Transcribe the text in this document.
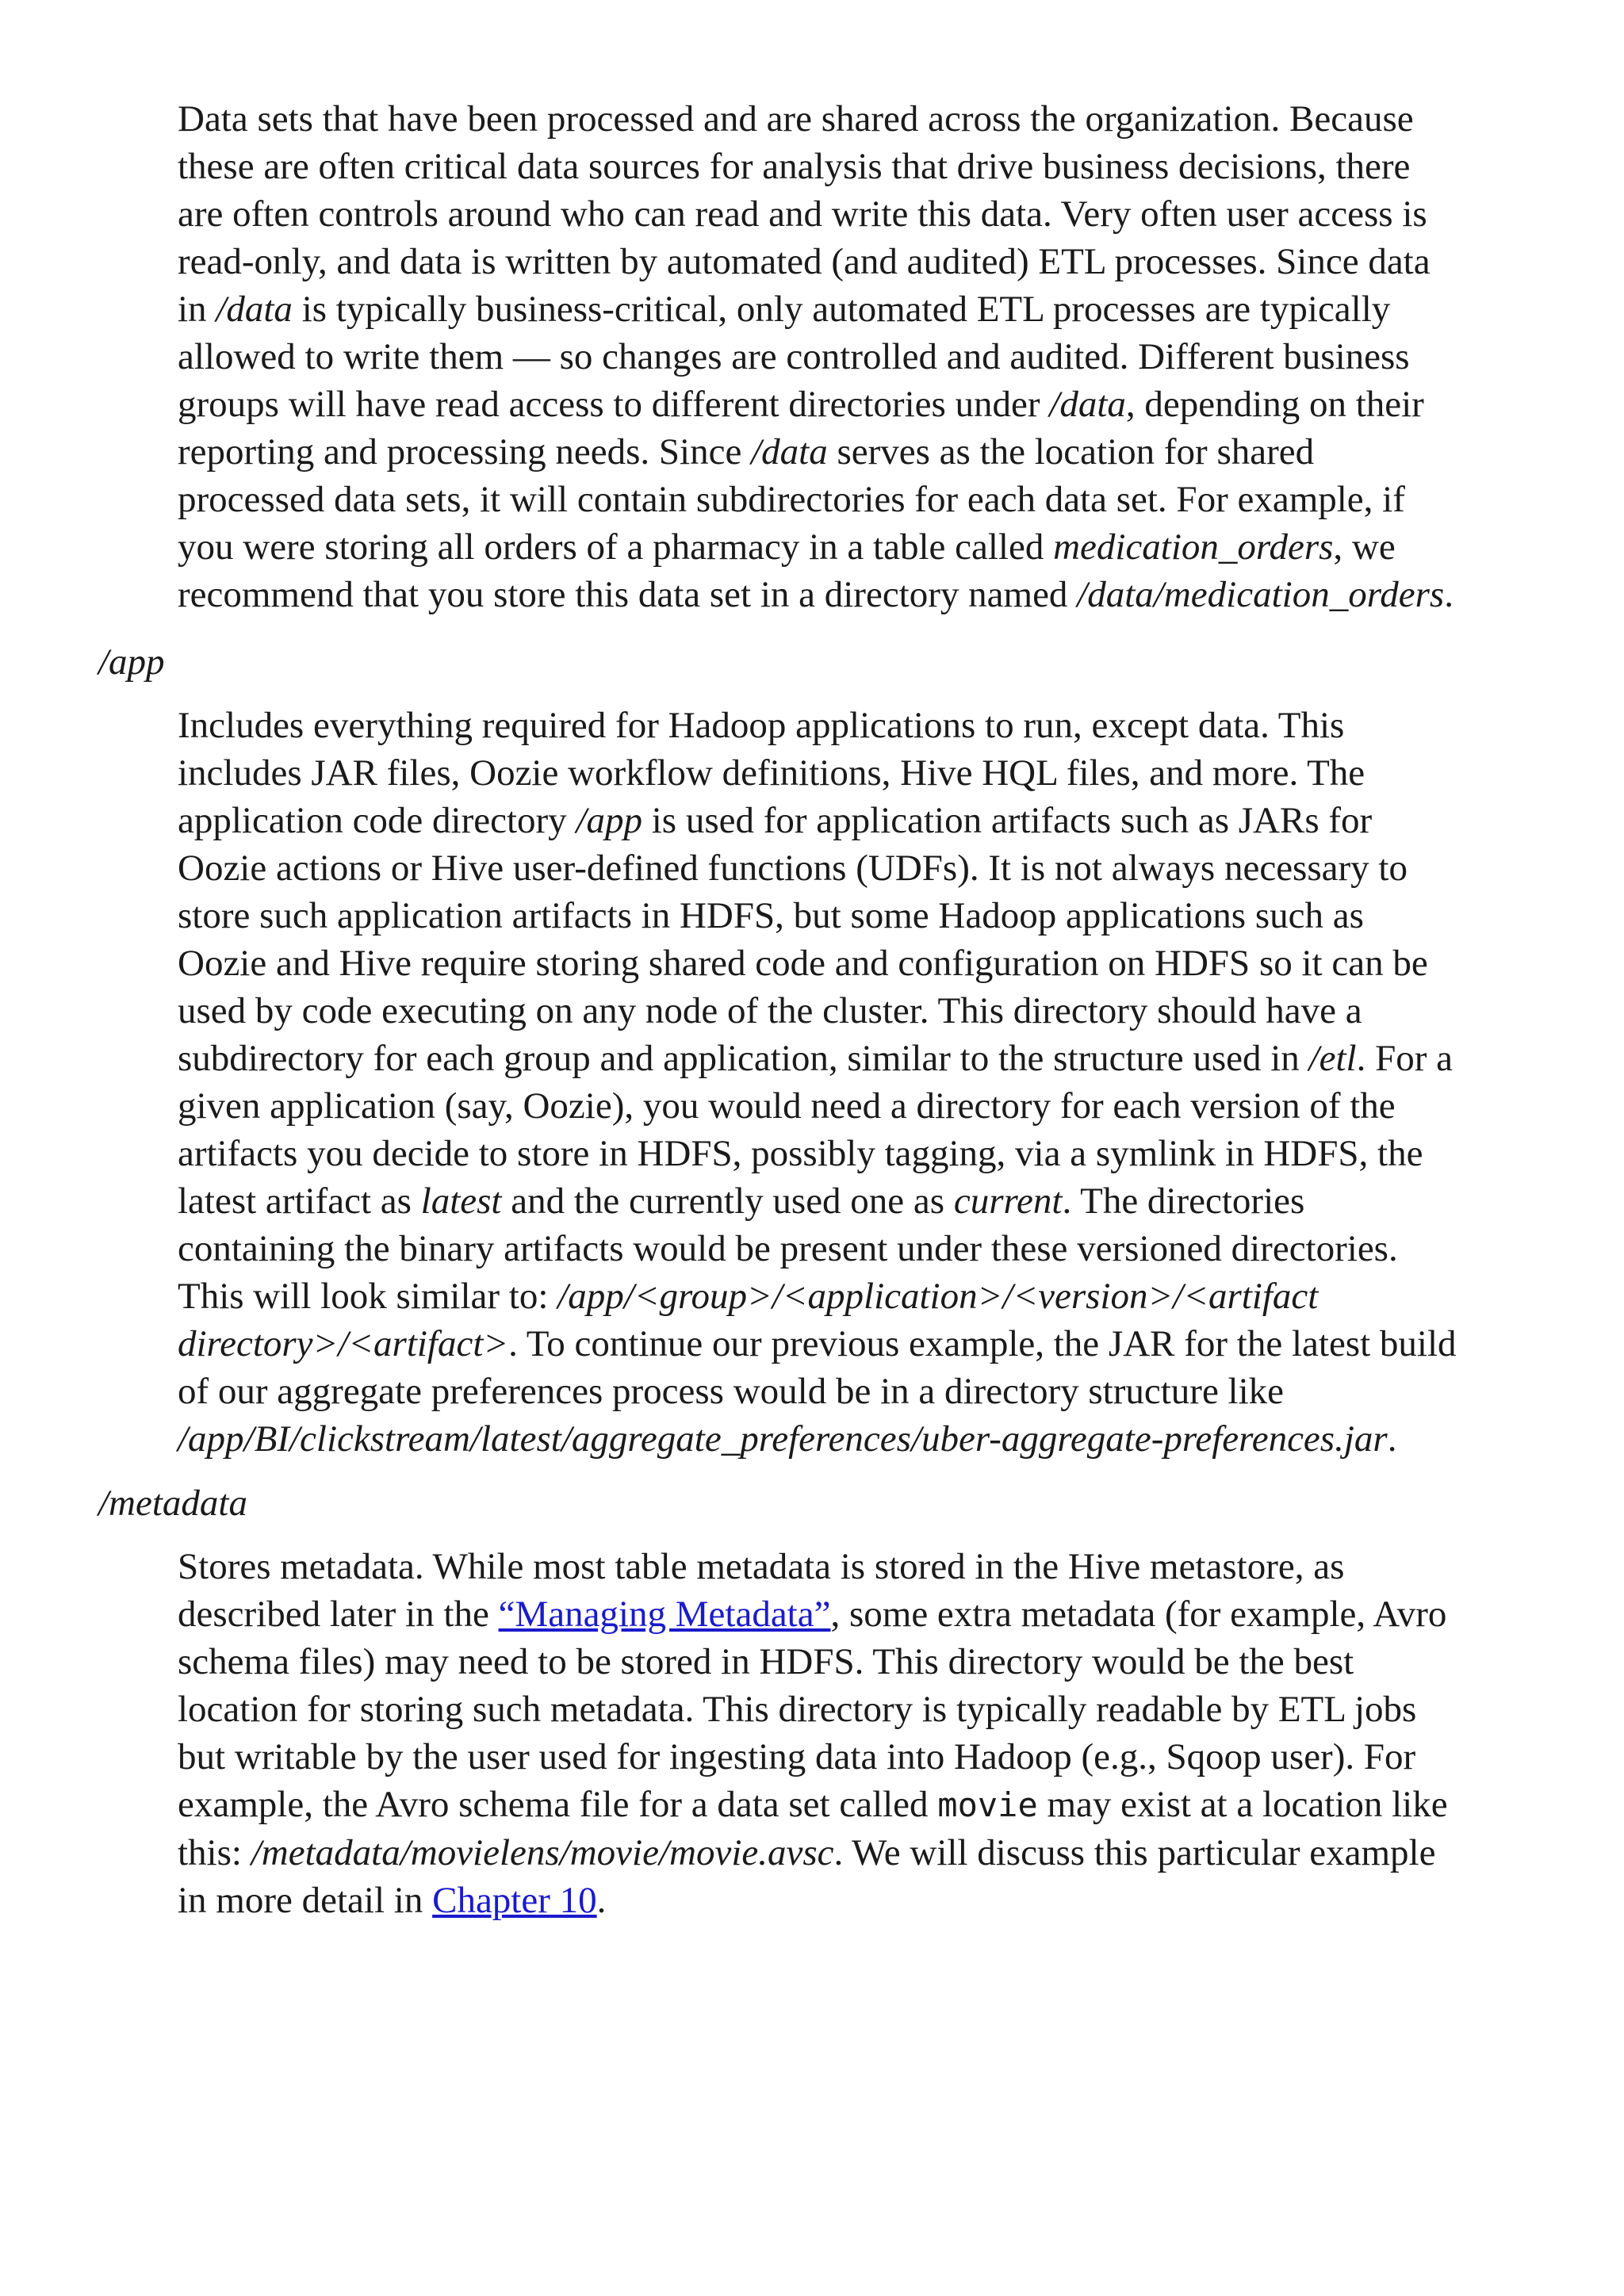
Data sets that have been processed and are shared across the organization. Because
these are often critical data sources for analysis that drive business decisions, there
are often controls around who can read and write this data. Very often user access is
read-only, and data is written by automated (and audited) ETL processes. Since data
in /data is typically business-critical, only automated ETL processes are typically
allowed to write them — so changes are controlled and audited. Different business
groups will have read access to different directories under /data, depending on their
reporting and processing needs. Since /data serves as the location for shared
processed data sets, it will contain subdirectories for each data set. For example, if
you were storing all orders of a pharmacy in a table called medication_orders, we
recommend that you store this data set in a directory named /data/medication_orders.

/app

Includes everything required for Hadoop applications to run, except data. This
includes JAR files, Oozie workflow definitions, Hive HQL files, and more. The
application code directory /app is used for application artifacts such as JARs for
Oozie actions or Hive user-defined functions (UDFs). It is not always necessary to
store such application artifacts in HDFS, but some Hadoop applications such as
Oozie and Hive require storing shared code and configuration on HDFS so it can be
used by code executing on any node of the cluster. This directory should have a
subdirectory for each group and application, similar to the structure used in /etl. For a
given application (say, Oozie), you would need a directory for each version of the
artifacts you decide to store in HDFS, possibly tagging, via a symlink in HDFS, the
latest artifact as latest and the currently used one as current. The directories
containing the binary artifacts would be present under these versioned directories.
This will look similar to: /app/<group>/<application>/<version>/<artifact
directory>/<artifact>. To continue our previous example, the JAR for the latest build
of our aggregate preferences process would be in a directory structure like
/app/BI/clickstream/latest/aggregate_preferences/uber-aggregate-preferences.jar.

/metadata

Stores metadata. While most table metadata is stored in the Hive metastore, as
described later in the “Managing Metadata”, some extra metadata (for example, Avro
schema files) may need to be stored in HDFS. This directory would be the best
location for storing such metadata. This directory is typically readable by ETL jobs
but writable by the user used for ingesting data into Hadoop (e.g., Sqoop user). For
example, the Avro schema file for a data set called movie may exist at a location like
this: /metadata/movielens/movie/movie.avsc. We will discuss this particular example
in more detail in Chapter 10.
